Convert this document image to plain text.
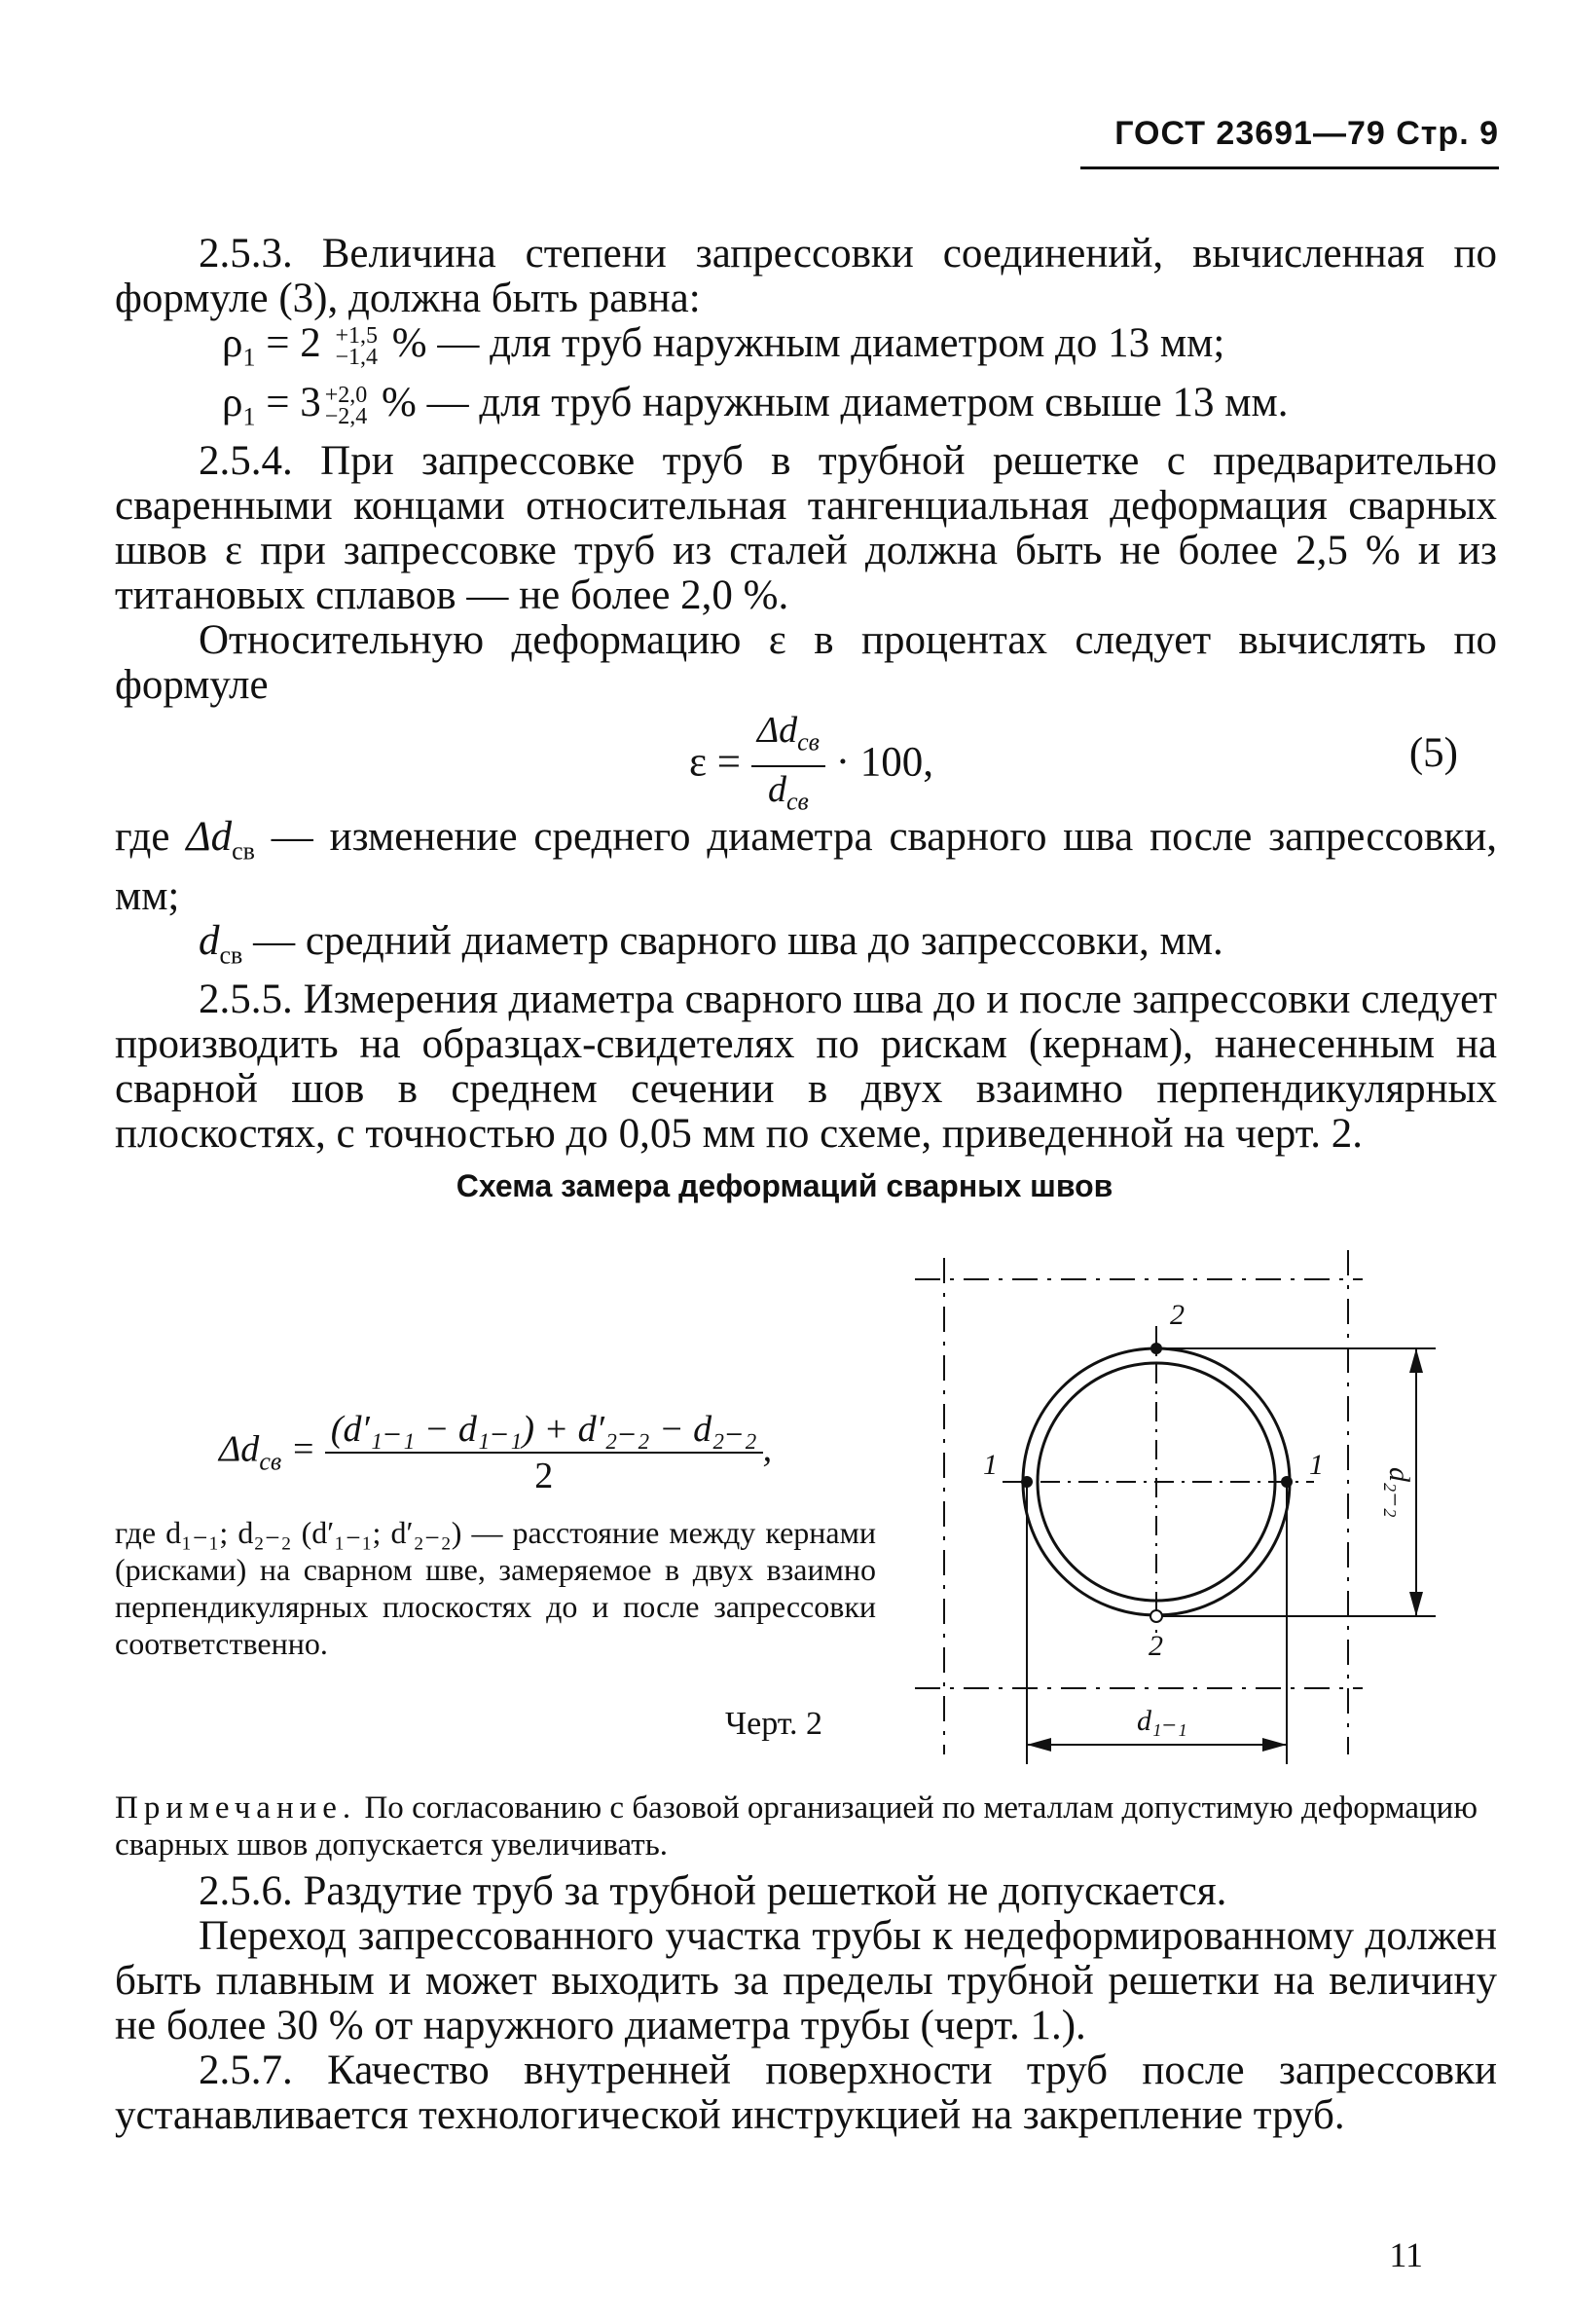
ГОСТ 23691—79 Стр. 9

2.5.3. Величина степени запрессовки соединений, вычисленная по формуле (3), должна быть равна:

$\rho_1 = 2 +1,5$
−1,4 % — для труб наружным диаметром до 13 мм;

$\rho_1 = 3 +2,0$
−2,4 % — для труб наружным диаметром свыше 13 мм.

2.5.4. При запрессовке труб в трубной решетке с предварительно сваренными концами относительная тангенциальная деформация сварных швов ε при запрессовке труб из сталей должна быть не более 2,5 % и из титановых сплавов — не более 2,0 %.

Относительную деформацию ε в процентах следует вычислять по формуле

$\varepsilon = \frac{\Delta d_{св}}{d_{св}} \cdot 100$,	(5)

где $\Delta d_{св}$ — изменение среднего диаметра сварного шва после запрессовки, мм;

$d_{св}$ — средний диаметр сварного шва до запрессовки, мм.

2.5.5. Измерения диаметра сварного шва до и после запрессовки следует производить на образцах-свидетелях по рискам (кернам), нанесенным на сварной шов в среднем сечении в двух взаимно перпендикулярных плоскостях, с точностью до 0,05 мм по схеме, приведенной на черт. 2.

Схема замера деформаций сварных швов
$\Delta d_{св} = \frac{\text{(d′₁₋₁ − d₁₋₁) + d′₂₋₂ − d₂₋₂}}{2}$ ,
где d₁₋₁; d₂₋₂ (d′₁₋₁; d′₂₋₂) — расстояние между кернами (рисками) на сварном шве, замеряемое в двух взаимно перпендикулярных плоскостях до и после запрессовки соответственно.
Черт. 2
2
2
1	1
d₂₋₂
d₁₋₁
Примечание. По согласованию с базовой организацией по металлам допустимую деформацию сварных швов допускается увеличивать.

2.5.6. Раздутие труб за трубной решеткой не допускается.

Переход запрессованного участка трубы к недеформированному должен быть плавным и может выходить за пределы трубной решетки на величину не более 30 % от наружного диаметра трубы (черт. 1.).

2.5.7. Качество внутренней поверхности труб после запрессовки устанавливается технологической инструкцией на закрепление труб.

11
